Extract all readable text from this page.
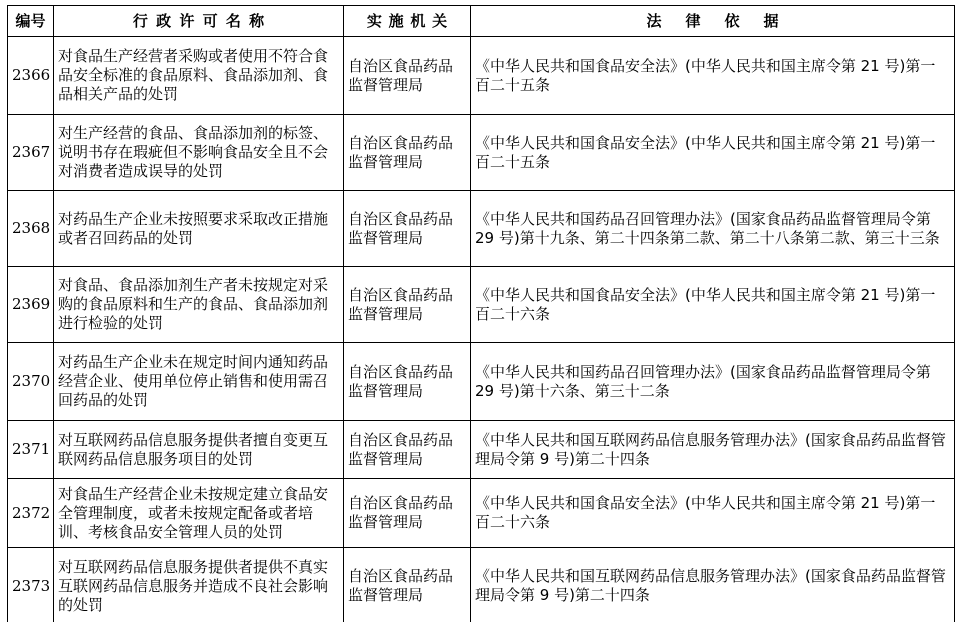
编号	行政许可名称	实施机关	法律依据
2366	对食品生产经营者采购或者使用不符合食品安全标准的食品原料、食品添加剂、食品相关产品的处罚	自治区食品药品监督管理局	《中华人民共和国食品安全法》(中华人民共和国主席令第 21 号)第一百二十五条
2367	对生产经营的食品、食品添加剂的标签、说明书存在瑕疵但不影响食品安全且不会对消费者造成误导的处罚	自治区食品药品监督管理局	《中华人民共和国食品安全法》(中华人民共和国主席令第 21 号)第一百二十五条
2368	对药品生产企业未按照要求采取改正措施或者召回药品的处罚	自治区食品药品监督管理局	《中华人民共和国药品召回管理办法》(国家食品药品监督管理局令第 29 号)第十九条、第二十四条第二款、第二十八条第二款、第三十三条
2369	对食品、食品添加剂生产者未按规定对采购的食品原料和生产的食品、食品添加剂进行检验的处罚	自治区食品药品监督管理局	《中华人民共和国食品安全法》(中华人民共和国主席令第 21 号)第一百二十六条
2370	对药品生产企业未在规定时间内通知药品经营企业、使用单位停止销售和使用需召回药品的处罚	自治区食品药品监督管理局	《中华人民共和国药品召回管理办法》(国家食品药品监督管理局令第 29 号)第十六条、第三十二条
2371	对互联网药品信息服务提供者擅自变更互联网药品信息服务项目的处罚	自治区食品药品监督管理局	《中华人民共和国互联网药品信息服务管理办法》(国家食品药品监督管理局令第 9 号)第二十四条
2372	对食品生产经营企业未按规定建立食品安全管理制度，或者未按规定配备或者培训、考核食品安全管理人员的处罚	自治区食品药品监督管理局	《中华人民共和国食品安全法》(中华人民共和国主席令第 21 号)第一百二十六条
2373	对互联网药品信息服务提供者提供不真实互联网药品信息服务并造成不良社会影响的处罚	自治区食品药品监督管理局	《中华人民共和国互联网药品信息服务管理办法》(国家食品药品监督管理局令第 9 号)第二十四条
